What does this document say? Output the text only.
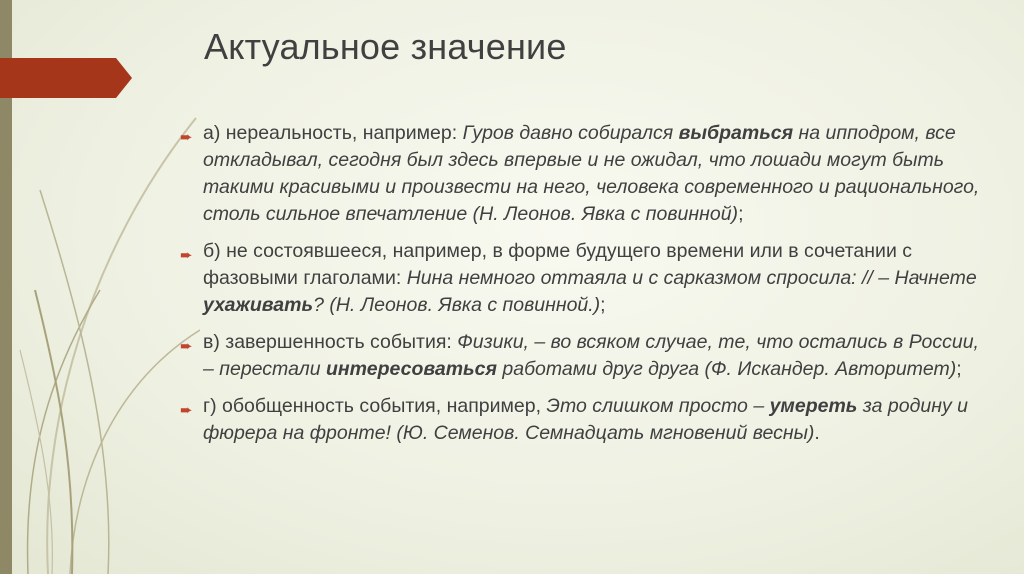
Актуальное значение
➨ а) нереальность, например: Гуров давно собирался выбраться на ипподром, все откладывал, сегодня был здесь впервые и не ожидал, что лошади могут быть такими красивыми и произвести на него, человека современного и рационального, столь сильное впечатление (Н. Леонов. Явка с повинной);
➨ б) не состоявшееся, например, в форме будущего времени или в сочетании с фазовыми глаголами: Нина немного оттаяла и с сарказмом спросила: // – Начнете ухаживать? (Н. Леонов. Явка с повинной.);
➨ в) завершенность события: Физики, – во всяком случае, те, что остались в России, – перестали интересоваться работами друг друга (Ф. Искандер. Авторитет);
➨ г) обобщенность события, например, Это слишком просто – умереть за родину и фюрера на фронте! (Ю. Семенов. Семнадцать мгновений весны).
